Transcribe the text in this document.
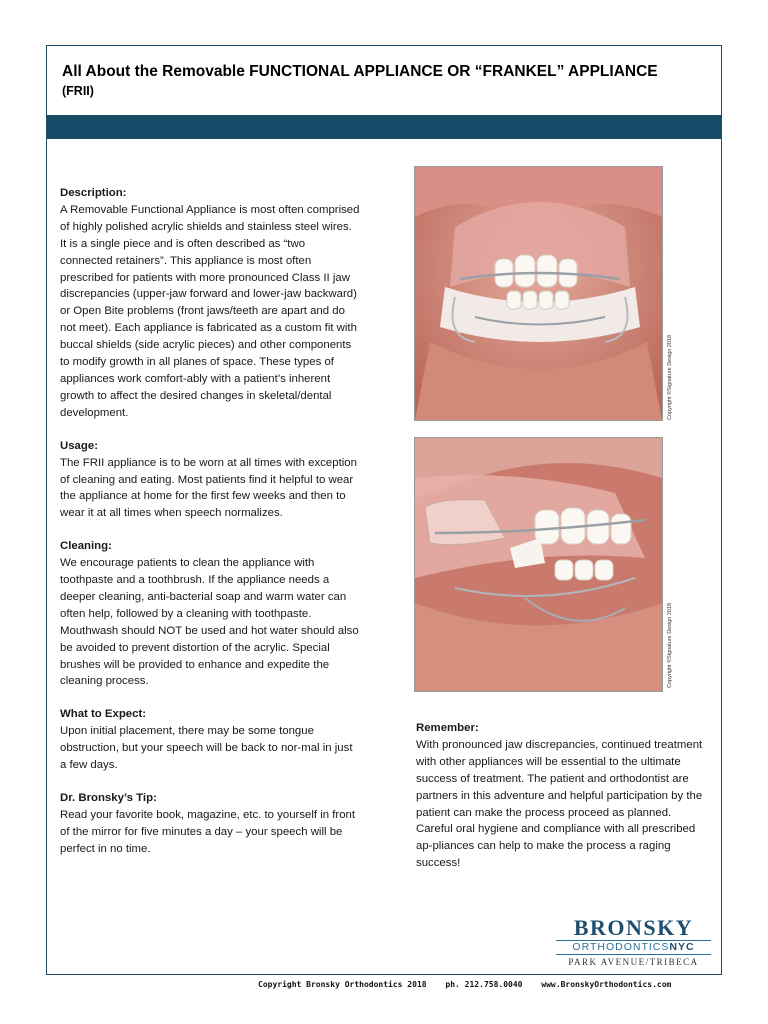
All About the Removable FUNCTIONAL APPLIANCE OR “FRANKEL” APPLIANCE (FRII)
Description:

A Removable Functional Appliance is most often comprised of highly polished acrylic shields and stainless steel wires. It is a single piece and is often described as “two connected retainers”. This appliance is most often prescribed for patients with more pronounced Class II jaw discrepancies (upper-jaw forward and lower-jaw backward) or Open Bite problems (front jaws/teeth are apart and do not meet). Each appliance is fabricated as a custom fit with buccal shields (side acrylic pieces) and other components to modify growth in all planes of space. These types of appliances work comfort-ably with a patient’s inherent growth to affect the desired changes in skeletal/dental development.

Usage:

The FRII appliance is to be worn at all times with exception of cleaning and eating. Most patients find it helpful to wear the appliance at home for the first few weeks and then to wear it at all times when speech normalizes.

Cleaning:

We encourage patients to clean the appliance with toothpaste and a toothbrush. If the appliance needs a deeper cleaning, anti-bacterial soap and warm water can often help, followed by a cleaning with toothpaste. Mouthwash should NOT be used and hot water should also be avoided to prevent distortion of the acrylic. Special brushes will be provided to enhance and expedite the cleaning process.

What to Expect:

Upon initial placement, there may be some tongue obstruction, but your speech will be back to nor-mal in just a few days.

Dr. Bronsky’s Tip:

Read your favorite book, magazine, etc. to yourself in front of the mirror for five minutes a day – your speech will be perfect in no time.

Copyright ©Signature Design 2018
Copyright ©Signature Design 2018
Remember:

With pronounced jaw discrepancies, continued treatment with other appliances will be essential to the ultimate success of treatment. The patient and orthodontist are partners in this adventure and helpful participation by the patient can make the process proceed as planned. Careful oral hygiene and compliance with all prescribed ap-pliances can help to make the process a raging success!

BRONSKY
ORTHODONTICSNYC
PARK AVENUE/TRIBECA
Copyright Bronsky Orthodontics 2018 ph. 212.758.0040 www.BronskyOrthodontics.com
